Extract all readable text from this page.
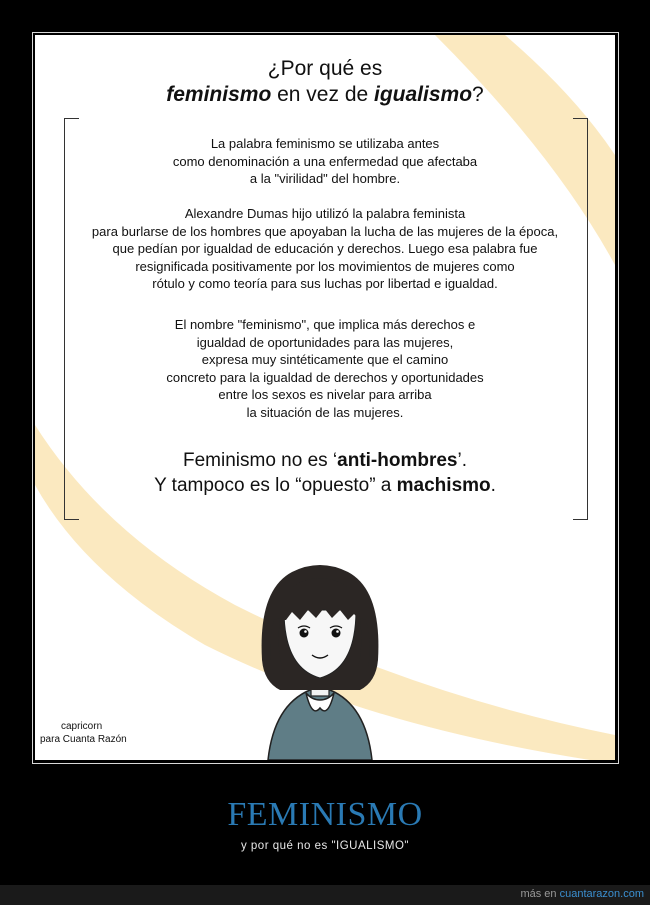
¿Por qué es
feminismo en vez de igualismo?
La palabra feminismo se utilizaba antes
como denominación a una enfermedad que afectaba
a la "virilidad" del hombre.
Alexandre Dumas hijo utilizó la palabra feminista
para burlarse de los hombres que apoyaban la lucha de las mujeres de la época,
que pedían por igualdad de educación y derechos. Luego esa palabra fue
resignificada positivamente por los movimientos de mujeres como
rótulo y como teoría para sus luchas por libertad e igualdad.
El nombre "feminismo", que implica más derechos e
igualdad de oportunidades para las mujeres,
expresa muy sintéticamente que el camino
concreto para la igualdad de derechos y oportunidades
entre los sexos es nivelar para arriba
la situación de las mujeres.
Feminismo no es ‘anti-hombres’.
Y tampoco es lo “opuesto” a machismo.
capricorn
para Cuanta Razón
FEMINISMO
y por qué no es "IGUALISMO"
más en cuantarazon.com
